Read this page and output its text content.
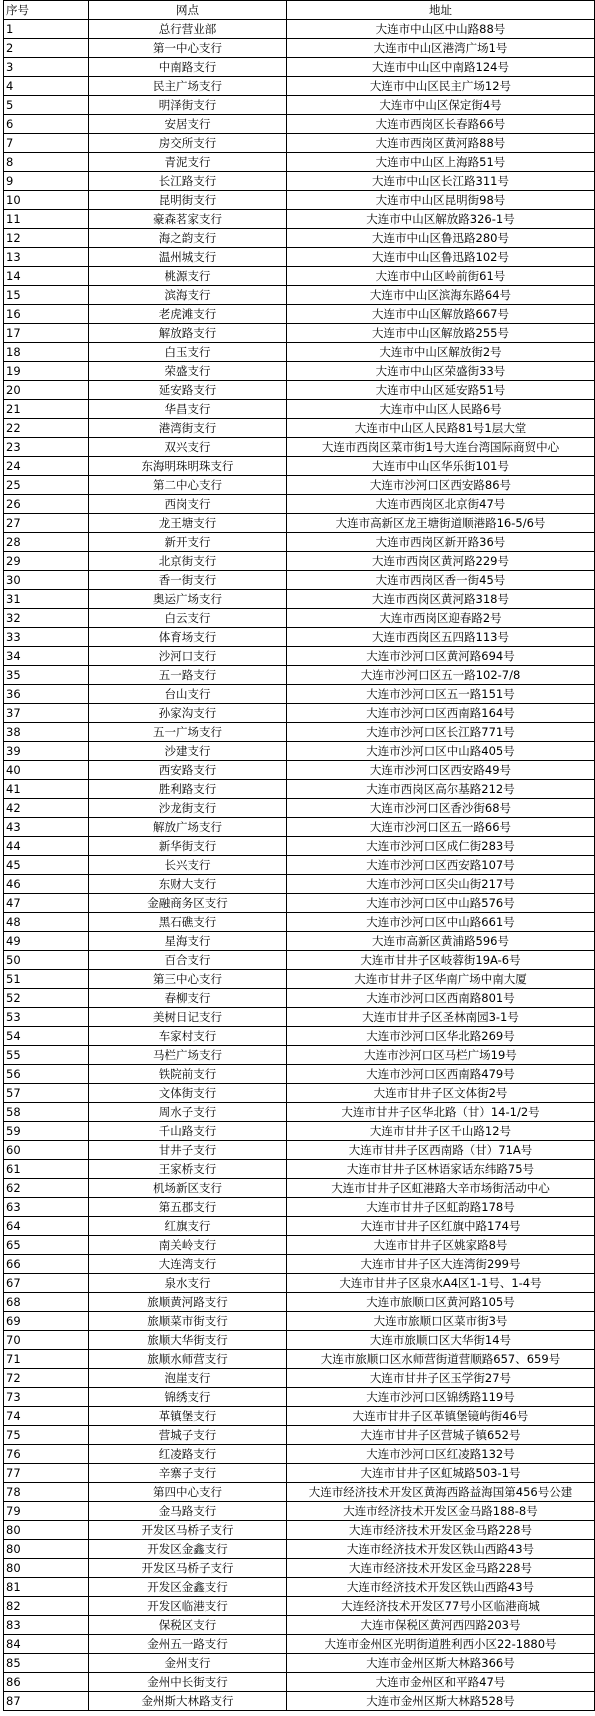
序号	网点	地址
1	总行营业部	大连市中山区中山路88号
2	第一中心支行	大连市中山区港湾广场1号
3	中南路支行	大连市中山区中南路124号
4	民主广场支行	大连市中山区民主广场12号
5	明泽街支行	大连市中山区保定街4号
6	安居支行	大连市西岗区长春路66号
7	房交所支行	大连市西岗区黄河路88号
8	青泥支行	大连市中山区上海路51号
9	长江路支行	大连市中山区长江路311号
10	昆明街支行	大连市中山区昆明街98号
11	豪森茗家支行	大连市中山区解放路326-1号
12	海之韵支行	大连市中山区鲁迅路280号
13	温州城支行	大连市中山区鲁迅路102号
14	桃源支行	大连市中山区岭前街61号
15	滨海支行	大连市中山区滨海东路64号
16	老虎滩支行	大连市中山区解放路667号
17	解放路支行	大连市中山区解放路255号
18	白玉支行	大连市中山区解放街2号
19	荣盛支行	大连市中山区荣盛街33号
20	延安路支行	大连市中山区延安路51号
21	华昌支行	大连市中山区人民路6号
22	港湾街支行	大连市中山区人民路81号1层大堂
23	双兴支行	大连市西岗区菜市街1号大连台湾国际商贸中心
24	东海明珠明珠支行	大连市中山区华乐街101号
25	第二中心支行	大连市沙河口区西安路86号
26	西岗支行	大连市西岗区北京街47号
27	龙王塘支行	大连市高新区龙王塘街道顺港路16-5/6号
28	新开支行	大连市西岗区新开路36号
29	北京街支行	大连市西岗区黄河路229号
30	香一街支行	大连市西岗区香一街45号
31	奥运广场支行	大连市西岗区黄河路318号
32	白云支行	大连市西岗区迎春路2号
33	体育场支行	大连市西岗区五四路113号
34	沙河口支行	大连市沙河口区黄河路694号
35	五一路支行	大连市沙河口区五一路102-7/8
36	台山支行	大连市沙河口区五一路151号
37	孙家沟支行	大连市沙河口区西南路164号
38	五一广场支行	大连市沙河口区长江路771号
39	沙建支行	大连市沙河口区中山路405号
40	西安路支行	大连市沙河口区西安路49号
41	胜利路支行	大连市西岗区高尔基路212号
42	沙龙街支行	大连市沙河口区香沙街68号
43	解放广场支行	大连市沙河口区五一路66号
44	新华街支行	大连市沙河口区成仁街283号
45	长兴支行	大连市沙河口区西安路107号
46	东财大支行	大连市沙河口区尖山街217号
47	金融商务区支行	大连市沙河口区中山路576号
48	黑石礁支行	大连市沙河口区中山路661号
49	星海支行	大连市高新区黄浦路596号
50	百合支行	大连市甘井子区岐蓉街19A-6号
51	第三中心支行	大连市甘井子区华南广场中南大厦
52	春柳支行	大连市沙河口区西南路801号
53	美树日记支行	大连市甘井子区圣林南园3-1号
54	车家村支行	大连市沙河口区华北路269号
55	马栏广场支行	大连市沙河口区马栏广场19号
56	铁院前支行	大连市沙河口区西南路479号
57	文体街支行	大连市甘井子区文体街2号
58	周水子支行	大连市甘井子区华北路（甘）14-1/2号
59	千山路支行	大连市甘井子区千山路12号
60	甘井子支行	大连市甘井子区西南路（甘）71A号
61	王家桥支行	大连市甘井子区林语家话东纬路75号
62	机场新区支行	大连市甘井子区虹港路大辛市场街活动中心
63	第五郡支行	大连市甘井子区虹韵路178号
64	红旗支行	大连市甘井子区红旗中路174号
65	南关岭支行	大连市甘井子区姚家路8号
66	大连湾支行	大连市甘井子区大连湾街299号
67	泉水支行	大连市甘井子区泉水A4区1-1号、1-4号
68	旅顺黄河路支行	大连市旅顺口区黄河路105号
69	旅顺菜市街支行	大连市旅顺口区菜市街3号
70	旅顺大华街支行	大连市旅顺口区大华街14号
71	旅顺水师营支行	大连市旅顺口区水师营街道营顺路657、659号
72	泡崖支行	大连市甘井子区玉学街27号
73	锦绣支行	大连市沙河口区锦绣路119号
74	革镇堡支行	大连市甘井子区革镇堡镜屿街46号
75	营城子支行	大连市甘井子区营城子镇652号
76	红凌路支行	大连市沙河口区红凌路132号
77	辛寨子支行	大连市甘井子区虹城路503-1号
78	第四中心支行	大连市经济技术开发区黄海西路益海国第456号公建
79	金马路支行	大连市经济技术开发区金马路188-8号
80	开发区马桥子支行	大连市经济技术开发区金马路228号
80	开发区金鑫支行	大连市经济技术开发区铁山西路43号
80	开发区马桥子支行	大连市经济技术开发区金马路228号
81	开发区金鑫支行	大连市经济技术开发区铁山西路43号
82	开发区临港支行	大连经济技术开发区77号小区临港商城
83	保税区支行	大连市保税区黄河西四路203号
84	金州五一路支行	大连市金州区光明街道胜利西小区22-1880号
85	金州支行	大连市金州区斯大林路366号
86	金州中长街支行	大连市金州区和平路47号
87	金州斯大林路支行	大连市金州区斯大林路528号
